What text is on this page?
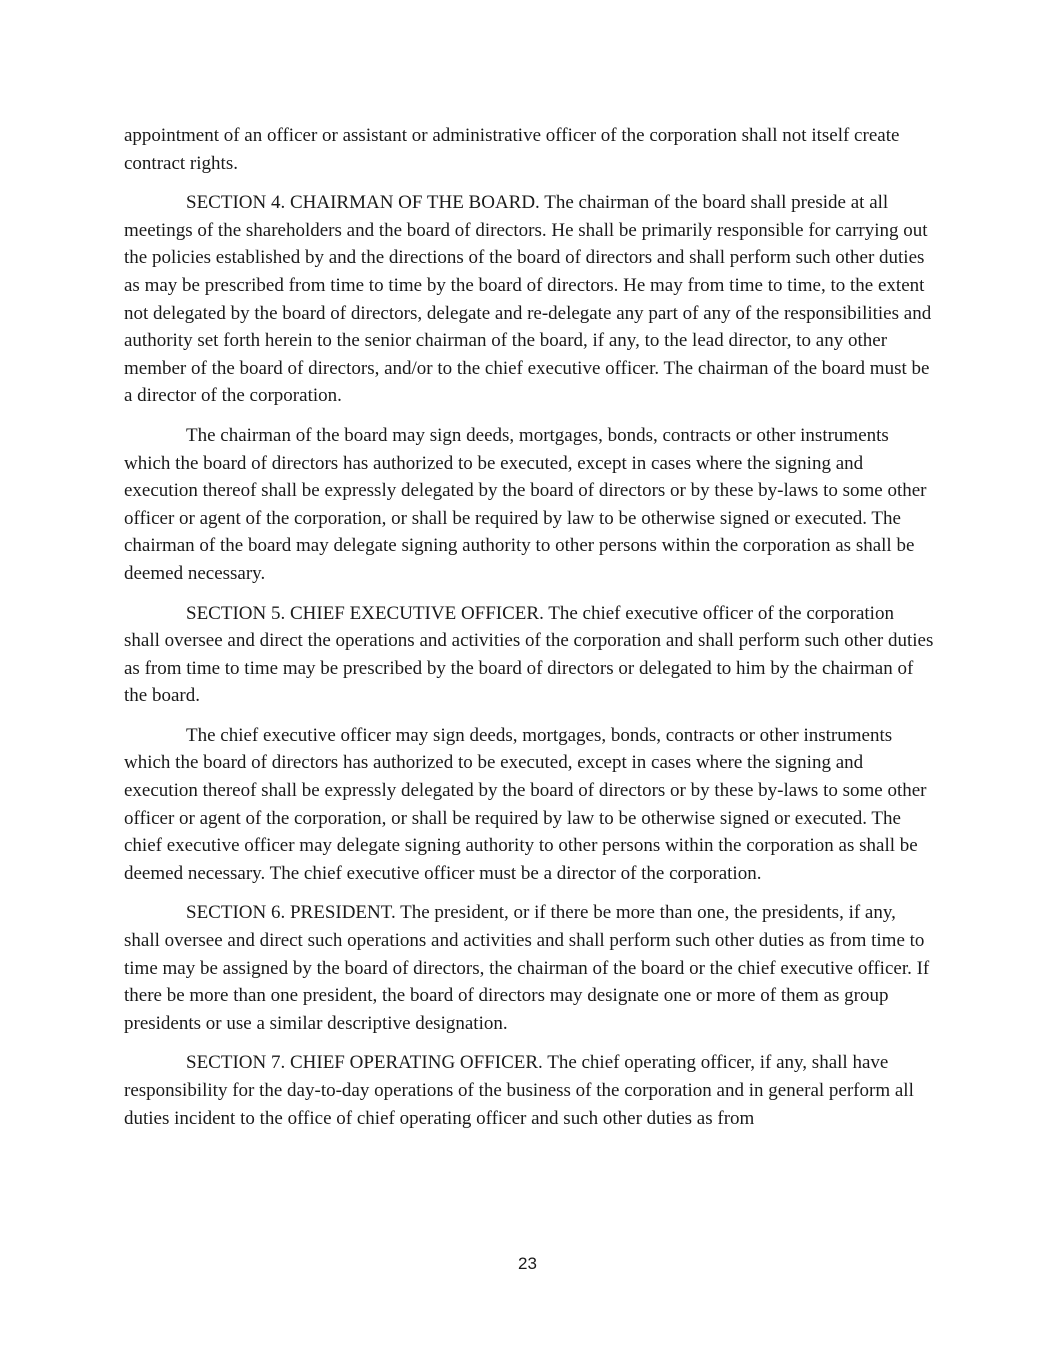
appointment of an officer or assistant or administrative officer of the corporation shall not itself create contract rights.

SECTION 4. CHAIRMAN OF THE BOARD. The chairman of the board shall preside at all meetings of the shareholders and the board of directors. He shall be primarily responsible for carrying out the policies established by and the directions of the board of directors and shall perform such other duties as may be prescribed from time to time by the board of directors. He may from time to time, to the extent not delegated by the board of directors, delegate and re-delegate any part of any of the responsibilities and authority set forth herein to the senior chairman of the board, if any, to the lead director, to any other member of the board of directors, and/or to the chief executive officer. The chairman of the board must be a director of the corporation.

The chairman of the board may sign deeds, mortgages, bonds, contracts or other instruments which the board of directors has authorized to be executed, except in cases where the signing and execution thereof shall be expressly delegated by the board of directors or by these by-laws to some other officer or agent of the corporation, or shall be required by law to be otherwise signed or executed. The chairman of the board may delegate signing authority to other persons within the corporation as shall be deemed necessary.

SECTION 5. CHIEF EXECUTIVE OFFICER. The chief executive officer of the corporation shall oversee and direct the operations and activities of the corporation and shall perform such other duties as from time to time may be prescribed by the board of directors or delegated to him by the chairman of the board.

The chief executive officer may sign deeds, mortgages, bonds, contracts or other instruments which the board of directors has authorized to be executed, except in cases where the signing and execution thereof shall be expressly delegated by the board of directors or by these by-laws to some other officer or agent of the corporation, or shall be required by law to be otherwise signed or executed. The chief executive officer may delegate signing authority to other persons within the corporation as shall be deemed necessary. The chief executive officer must be a director of the corporation.

SECTION 6. PRESIDENT. The president, or if there be more than one, the presidents, if any, shall oversee and direct such operations and activities and shall perform such other duties as from time to time may be assigned by the board of directors, the chairman of the board or the chief executive officer. If there be more than one president, the board of directors may designate one or more of them as group presidents or use a similar descriptive designation.

SECTION 7. CHIEF OPERATING OFFICER. The chief operating officer, if any, shall have responsibility for the day-to-day operations of the business of the corporation and in general perform all duties incident to the office of chief operating officer and such other duties as from

23
